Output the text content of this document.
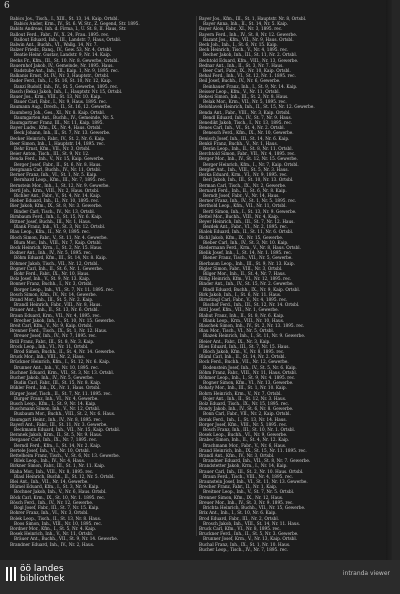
6
Babics Jos., Tisch., I., XIII., St. 13, 14. Kaip. Ortsbl.
Babics Ander, Krm., IV., St. 6. W. Str., Z. Gegend, Str. 1895.
Babits Andreas, Inh. d. Firma, I., U. St. 8, II. Haus, Str.
Ballout Ferd., Fabr., IV., X. 24, Frau. 1895. rec.
Ballout Eduard, Inh., III., Landstr. 7, Haus, Ortsbl.
Balwin Ant., Buchh., VI., Wallg. 14, Nr. 7.
Balzer Friedr., Banq., IV., Gew. 53, Nr. 4, Ortsbl.
Beatie Heinr. Gustav, Landstr. 9, Nr. 14. Kaip.
Becks Fr., Kfm., III., St. 10. Nr. 8. Gewerbe, Ortsbl.
Bauernhof Jakob, IV., Gemeinde, Nr. 1895. Haus.
Badstube Ant., Inh., III., Kaip. 1, Nr. 9, 1895. rec.
Balkanis Ernst, St. IV., Nr. 3, Hauptstr., Ortsbl.
Bader Ferd., Inh., I., St. 16, St. 10, Nr. 12, Kaip.
Banzi Rudolf, Inh., IV., St. 5, Gewerbe, 1895. rec.
Basch (Beka) Jakob, Inh., I., Hauptstr. Nr. 15, Ortsbl.
Bauer Jos., Krm., VIII., St. 13, Nr. 10. Kaip.
Bauer Carl, Fabr., I., Nr. 9, Haus. 1895. rec.
Baumann Aug., Drech., II., St. 16, 12. Gewerbe.
Baumberg Joh., Ges., XI., Nr. 8. Kaip. Ortsbl.
Baumgarten Ant., Buchh., IV., Gemeinde, Nr. 5.
Baumgartner Franz, III., Nr. 11, Kaip. 1895.
Bayer Ludw., Kfm., IX., Nr. 4, Haus. Ortsbl.
Beck Johann, Inh., II., St. 7, Nr. 13. Gewerbe.
Becker Heinrich, Fabr., IV., St. 2, Nr. 6. Kaip.
Beer Simon, Inh., I., Hauptstr. 14, 1895. rec.
Behr Ernst, Kfm., VII., Nr. 3, Ortsbl.
Beier Anton, Tisch., III., St. 9, Nr. 12.
Benda Ferd., Inh., V., Nr. 15, Kaip. Gewerbe.
Berger Josef, Fabr., II., St. 6, Nr. 8. Haus.
Bergmann Carl, Buchh., IV., Nr. 11, Ortsbl.
Berner Franz, Inh., VI., St. 1, Nr. 5. Kaip.
Bernhard Leop., Kfm., III., Nr. 7, 1895. rec.
Bernstein Mor., Inh., I., St. 12, Nr. 9. Gewerbe.
Bertl Joh., Krm., VIII., Nr. 2, Haus. Ortsbl.
Bichler Ant., Fabr., V., St. 4, Nr. 14. Kaip.
Bieber Eduard, Inh., II., Nr. 10, 1895. rec.
Bier Jakob, Kfm., IX., St. 8, Nr. 3. Gewerbe.
Binder Carl, Tisch., IV., Nr. 13, Ortsbl.
Birnbaum Ferd., Inh., I., St. 15, Nr. 6. Kaip.
Bittner Josef, Buchh., III., Nr. 1, Haus.
Blank Franz, Inh., VI., St. 3, Nr. 12. Ortsbl.
Blau Leop., Kfm., II., Nr. 9, 1895. rec.
Bloch Simon, Fabr., V., St. 11, Nr. 4. Gewerbe.
Blum Mor., Inh., VIII., Nr. 7, Kaip. Ortsbl.
Bock Heinrich, Krm., I., St. 2, Nr. 15. Haus.
Bodner Ant., Inh., IV., Nr. 5, 1895. rec.
Böhm Eduard, Kfm., III., St. 14, Nr. 8. Kaip.
Böhmer Jakob, Tisch., VII., Nr. 12, Ortsbl.
Bogner Carl, Inh., II., St. 6, Nr. 1. Gewerbe.
Bohr Ferd., Fabr., IX., Nr. 10, Haus.
Bolz Josef, Inh., V., St. 9, Nr. 13. Kaip.
Bonner Franz, Buchh., I., Nr. 3, Ortsbl.
Borger Leop., Inh., VI., St. 7, Nr. 11. 1895. rec.
Bosch Simon, Kfm., IV., Nr. 14, Gewerbe.
Brand Mor., Inh., III., St. 5, Nr. 2. Kaip.
Brandl Heinrich, Fabr., VIII., Nr. 8, Haus.
Brauer Ant., Inh., II., St. 13, Nr. 6. Ortsbl.
Braun Eduard, Krm., VII., Nr. 4, 1895. rec.
Brecher Jakob, Inh., I., St. 10, Nr. 15. Gewerbe.
Breit Carl, Kfm., V., Nr. 9, Kaip. Ortsbl.
Brenner Ferd., Tisch., IX., St. 1, Nr. 12. Haus.
Breuer Josef, Inh., IV., Nr. 7, 1895. rec.
Brill Franz, Fabr., III., St. 8, Nr. 3. Kaip.
Brock Leop., Inh., VI., Nr. 11, Ortsbl.
Brod Simon, Buchh., II., St. 4, Nr. 14. Gewerbe.
Bruck Mor., Inh., VIII., Nr. 2, Haus.
Brückner Heinrich, Kfm., I., St. 12, Nr. 6. Kaip.
Brunner Ant., Inh., V., Nr. 10, 1895. rec.
Buchner Eduard, Krm., VII., St. 3, Nr. 13. Ortsbl.
Bucher Jakob, Inh., IV., Nr. 5, Gewerbe.
Budin Carl, Fabr., III., St. 15, Nr. 8. Kaip.
Bühler Ferd., Inh., IX., Nr. 1, Haus. Ortsbl.
Bürger Josef, Tisch., II., St. 7, Nr. 11. 1895. rec.
Burger Franz, Inh., VI., Nr. 4, Gewerbe.
Busch Leop., Kfm., I., St. 9, Nr. 14. Kaip.
Buschmann Simon, Inh., V., Nr. 12, Ortsbl.
Buxbaum Mor., Buchh., VIII., St. 2, Nr. 6. Haus.
Baumgart Heinr., Inh., IV., Nr. 8, 1895. rec.
Bayerl Ant., Fabr., III., St. 11, Nr. 3. Gewerbe.
Beckmann Eduard, Inh., VII., Nr. 15, Kaip. Ortsbl.
Beranek Jakob, Krm., II., St. 5, Nr. 9. Haus.
Bergauer Carl, Inh., IX., Nr. 7, 1895. rec.
Berndl Ferd., Kfm., I., St. 14, Nr. 2. Kaip.
Bertele Josef, Inh., VI., Nr. 10, Ortsbl.
Bettelheim Franz, Tisch., V., St. 6, Nr. 13. Gewerbe.
Bilek Leop., Inh., IV., Nr. 4, Haus.
Birkner Simon, Fabr., III., St. 1, Nr. 11. Kaip.
Blaha Mor., Inh., VIII., Nr. 8, 1895. rec.
Blasl Heinrich, Buchh., II., St. 12, Nr. 5. Ortsbl.
Blei Ant., Inh., VII., Nr. 14, Gewerbe.
Blümel Eduard, Kfm., I., St. 3, Nr. 9. Kaip.
Bochner Jakob, Inh., V., Nr. 6, Haus. Ortsbl.
Böck Carl, Krm., IX., St. 10, Nr. 1. 1895. rec.
Bösch Ferd., Inh., IV., Nr. 12, Gewerbe.
Bogl Josef, Fabr., III., St. 7, Nr. 15. Kaip.
Bohrer Franz, Inh., VI., Nr. 3, Ortsbl.
Bolek Leop., Tisch., II., St. 13, Nr. 8. Haus.
Boos Simon, Inh., VIII., Nr. 10, 1895. rec.
Bordner Mor., Kfm., I., St. 5, Nr. 4. Kaip.
Bosek Heinrich, Inh., V., Nr. 11, Ortsbl.
Bräuer Ant., Buchh., VII., St. 9, Nr. 14. Gewerbe.
Brandner Eduard, Inh., IV., Nr. 2, Haus.
Bayer Jos., Kfm., III., St. 1, Hauptstr. Nr. 8, Ortsbl.
Bayer Anna, Inh., II., St. 14, Nr. 5. Kaip.
Bayer Alois, Fabr., XI., Nr. 3, 1895. rec.
Bayern Ferd., Inh., IV., St. 8, Nr. 12. Gewerbe.
Bazant Jos., Kfm., VII., Nr. 9, Haus. Ortsbl.
Beck Joh., Inh., I., St. 6, Nr. 15. Kaip.
Beck Heinrich, Tisch., V., Nr. 4, 1895. rec.
Becher Jakob, Inh., III., St. 11, Nr. 2. Ortsbl.
Bechtold Eduard, Kfm., VIII., Nr. 13, Gewerbe.
Bednar Ant., Inh., II., St. 3, Nr. 7. Haus.
Beer Carl, Fabr., IX., Nr. 10, Kaip. Ortsbl.
Behal Ferd., Inh., VI., St. 12, Nr. 1. 1895. rec.
Beil Josef, Buchh., IV., Nr. 6, Gewerbe.
Beinhauer Franz, Inh., I., St. 9, Nr. 14. Kaip.
Beisser Leop., Kfm., V., Nr. 11, Ortsbl.
Bekesi Simon, Inh., III., St. 2, Nr. 8. Haus.
Belak Mor., Krm., VII., Nr. 5, 1895. rec.
Belohlavek Heinrich, Inh., II., St. 15, Nr. 12. Gewerbe.
Benda Ant., Fabr., VIII., Nr. 3, Kaip. Ortsbl.
Bendl Eduard, Inh., IV., St. 7, Nr. 9. Haus.
Benedikt Jakob, Tisch., I., Nr. 13, 1895. rec.
Benes Carl, Inh., VI., St. 4, Nr. 2. Ortsbl.
Benesch Ferd., Kfm., IX., Nr. 10, Gewerbe.
Benisch Josef, Inh., III., St. 14, Nr. 6. Kaip.
Benkö Franz, Buchh., V., Nr. 1, Haus.
Berán Leop., Inh., II., St. 8, Nr. 11. Ortsbl.
Berchtold Simon, Fabr., VII., Nr. 4, 1895. rec.
Berger Mor., Inh., IV., St. 12, Nr. 15. Gewerbe.
Berger Heinrich, Kfm., I., Nr. 7, Kaip. Ortsbl.
Bergler Ant., Inh., VIII., St. 5, Nr. 3. Haus.
Berka Eduard, Krm., VI., Nr. 9, 1895. rec.
Berl Jakob, Inh., III., St. 10, Nr. 13. Ortsbl.
Berman Carl, Tisch., IX., Nr. 2, Gewerbe.
Bernard Ferd., Inh., II., St. 6, Nr. 8. Kaip.
Berndt Josef, Fabr., V., Nr. 14, Haus.
Berner Franz, Inh., IV., St. 1, Nr. 5. 1895. rec.
Berthold Leop., Kfm., VII., Nr. 11, Ortsbl.
Bertl Simon, Inh., I., St. 13, Nr. 9. Gewerbe.
Bettel Mor., Buchh., VIII., Nr. 4, Kaip.
Beyer Heinrich, Inh., III., St. 7, Nr. 12. Haus.
Bezdek Ant., Fabr., VI., Nr. 2, 1895. rec.
Bialek Eduard, Inh., II., St. 11, Nr. 6. Ortsbl.
Bichl Jakob, Kfm., IX., Nr. 15, Gewerbe.
Bieber Carl, Inh., IV., St. 3, Nr. 10. Kaip.
Biedermann Ferd., Krm., V., Nr. 8, Haus. Ortsbl.
Bielik Josef, Inh., I., St. 14, Nr. 1. 1895. rec.
Biener Franz, Tisch., VII., Nr. 5, Gewerbe.
Bierbaum Leop., Inh., III., St. 9, Nr. 13. Kaip.
Bigler Simon, Fabr., VIII., Nr. 3, Ortsbl.
Bilger Mor., Inh., II., St. 4, Nr. 7. Haus.
Billig Heinrich, Kfm., VI., Nr. 12, 1895. rec.
Binder Ant., Inh., IV., St. 15, Nr. 2. Gewerbe.
Bindl Eduard, Buchh., IX., Nr. 9, Kaip. Ortsbl.
Birk Jakob, Inh., I., St. 6, Nr. 11. Haus.
Birnstingl Carl, Fabr., V., Nr. 4, 1895. rec.
Bischof Ferd., Inh., III., St. 12, Nr. 14. Ortsbl.
Bittl Josef, Kfm., VII., Nr. 1, Gewerbe.
Blahut Franz, Inh., II., St. 8, Nr. 6. Kaip.
Blank Leop., Krm., VIII., Nr. 10, Haus.
Blaschek Simon, Inh., IV., St. 2, Nr. 13. 1895. rec.
Blau Mor., Tisch., VI., Nr. 5, Ortsbl.
Blazek Heinrich, Inh., I., St. 11, Nr. 9. Gewerbe.
Bleier Ant., Fabr., IX., Nr. 3, Kaip.
Blies Eduard, Inh., III., St. 7, Nr. 15. Haus.
Bloch Jakob, Kfm., V., Nr. 8, 1895. rec.
Blüml Carl, Inh., II., St. 14, Nr. 2. Ortsbl.
Bock Ferd., Buchh., VII., Nr. 12, Gewerbe.
Bodenstein Josef, Inh., IV., St. 5, Nr. 6. Kaip.
Böhm Franz, Fabr., VIII., Nr. 11, Haus. Ortsbl.
Böhmer Leop., Inh., I., St. 9, Nr. 4. 1895. rec.
Bogner Simon, Kfm., VI., Nr. 13, Gewerbe.
Bohaty Mor., Inh., III., St. 1, Nr. 10. Kaip.
Bohrn Heinrich, Krm., V., Nr. 7, Ortsbl.
Bojer Ant., Inh., II., St. 12, Nr. 3. Haus.
Bolz Eduard, Tisch., IX., Nr. 15, 1895. rec.
Bondy Jakob, Inh., IV., St. 6, Nr. 8. Gewerbe.
Bonn Carl, Fabr., VII., Nr. 2, Kaip. Ortsbl.
Borak Ferd., Inh., I., St. 13, Nr. 14. Haus.
Borger Josef, Kfm., VIII., Nr. 5, 1895. rec.
Bosch Franz, Inh., III., St. 10, Nr. 1. Ortsbl.
Bosek Leop., Buchh., VI., Nr. 9, Gewerbe.
Brabec Simon, Inh., II., St. 4, Nr. 12. Kaip.
Brachmann Mor., Fabr., V., Nr. 6, Haus.
Brand Heinrich, Inh., IX., St. 15, Nr. 11. 1895. rec.
Brandl Ant., Kfm., IV., Nr. 3, Ortsbl.
Brandner Eduard, Inh., VII., St. 8, Nr. 7. Gewerbe.
Brandstetter Jakob, Krm., I., Nr. 14, Kaip.
Brauer Carl, Inh., III., St. 2, Nr. 10. Haus. Ortsbl.
Braun Ferd., Tisch., VIII., Nr. 4, 1895. rec.
Braunstein Josef, Inh., VI., St. 11, Nr. 13. Gewerbe.
Brecher Franz, Fabr., II., Nr. 1, Kaip.
Breitner Leop., Inh., V., St. 7, Nr. 5. Ortsbl.
Brenner Simon, Kfm., IX., Nr. 12, Haus.
Breuer Mor., Inh., IV., St. 3, Nr. 9. 1895. rec.
Brichta Heinrich, Buchh., VII., Nr. 15, Gewerbe.
Brix Ant., Inh., I., St. 10, Nr. 6. Kaip.
Brod Eduard, Fabr., III., Nr. 2, Ortsbl.
Brosch Jakob, Inh., VIII., St. 14, Nr. 11. Haus.
Bruck Carl, Kfm., VI., Nr. 8, 1895. rec.
Bruckner Ferd., Inh., II., St. 5, Nr. 3. Gewerbe.
Brunner Josef, Krm., V., Nr. 13, Kaip. Ortsbl.
Buchal Franz, Inh., IX., St. 1, Nr. 10. Haus.
Bucher Leop., Tisch., IV., Nr. 7, 1895. rec.
öö landes
bibliothek
intranda viewer
